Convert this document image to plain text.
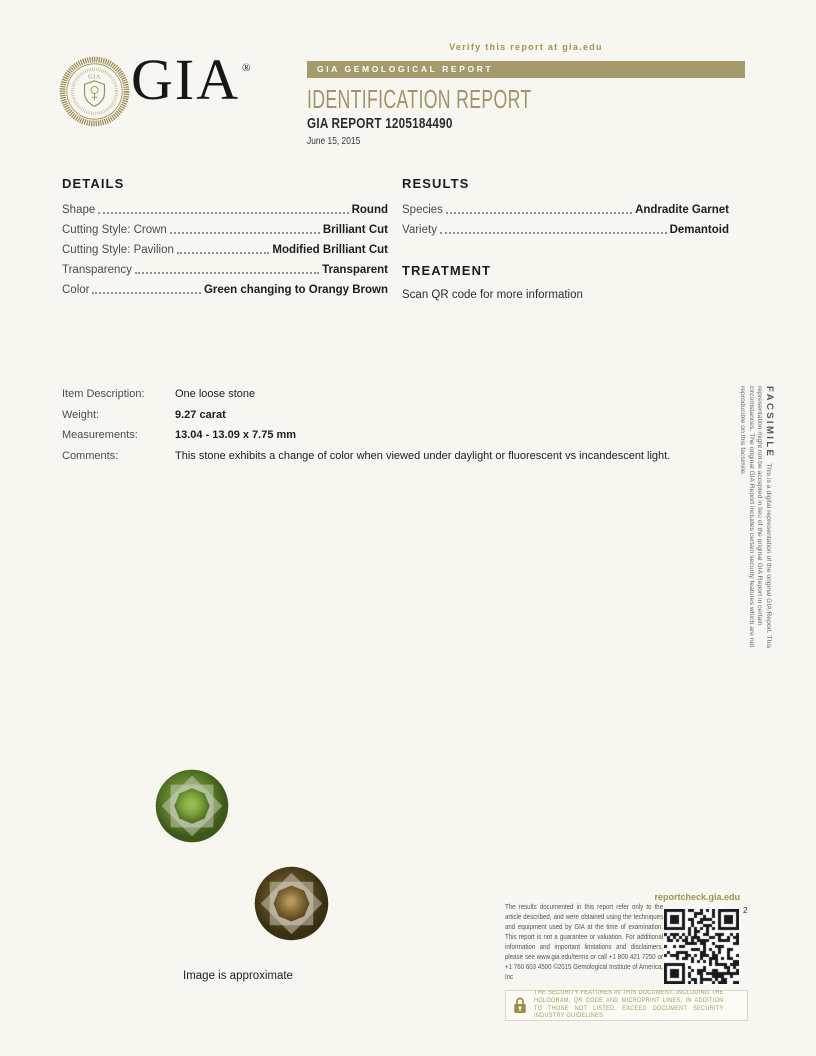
Verify this report at gia.edu
GIA GEMOLOGICAL REPORT
GIA GIA ®
IDENTIFICATION REPORT
GIA REPORT 1205184490
June 15, 2015
DETAILS
Shape	Round
Cutting Style: Crown	Brilliant Cut
Cutting Style: Pavilion	Modified Brilliant Cut
Transparency	Transparent
Color	Green changing to Orangy Brown
RESULTS
Species	Andradite Garnet
Variety	Demantoid
TREATMENT
Scan QR code for more information
Item Description:	One loose stone
Weight:	9.27 carat
Measurements:	13.04 - 13.09 x 7.75 mm
Comments:	This stone exhibits a change of color when viewed under daylight or fluorescent vs incandescent light.	FACSIMILEThis is a digital representation of the original GIA Report. This representation might not be accepted in lieu of the original GIA Report in certain circumstances. The original GIA Report includes certain security features which are not reproducible on this facsimile.
Image is approximate
reportcheck.gia.edu
The results documented in this report refer only to the article described, and were obtained using the techniques and equipment used by GIA at the time of examination. This report is not a guarantee or valuation. For additional information and important limitations and disclaimers, please see www.gia.edu/terms or call +1 800 421 7250 or +1 760 603 4500 ©2015 Gemological Institute of America, Inc
2
THE SECURITY FEATURES IN THIS DOCUMENT, INCLUDING THE HOLOGRAM, QR CODE AND MICROPRINT LINES, IN ADDITION TO THOSE NOT LISTED, EXCEED DOCUMENT SECURITY INDUSTRY GUIDELINES
